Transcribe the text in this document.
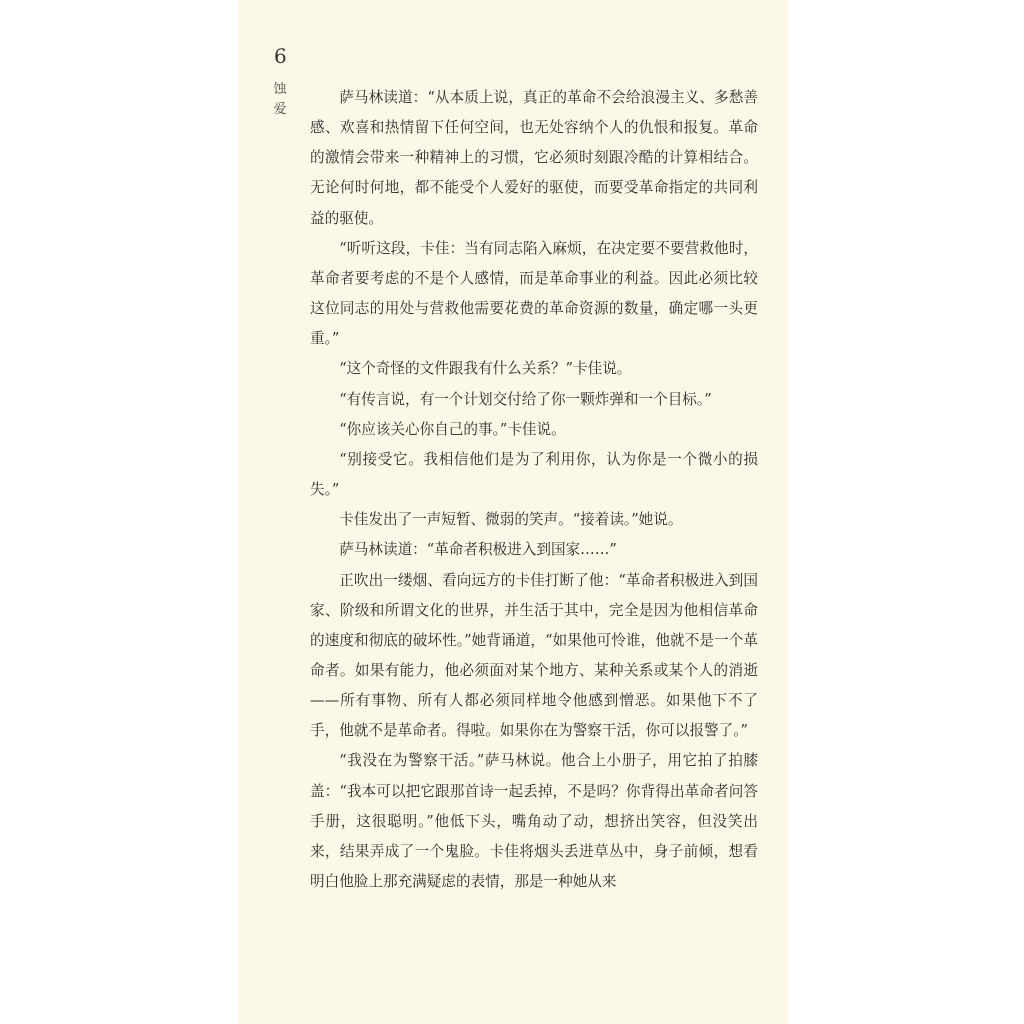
6
蚀爱

萨马林读道：“从本质上说，真正的革命不会给浪漫主义、多愁善感、欢喜和热情留下任何空间，也无处容纳个人的仇恨和报复。革命的激情会带来一种精神上的习惯，它必须时刻跟冷酷的计算相结合。无论何时何地，都不能受个人爱好的驱使，而要受革命指定的共同利益的驱使。

“听听这段，卡佳：当有同志陷入麻烦，在决定要不要营救他时，革命者要考虑的不是个人感情，而是革命事业的利益。因此必须比较这位同志的用处与营救他需要花费的革命资源的数量，确定哪一头更重。”

“这个奇怪的文件跟我有什么关系？”卡佳说。

“有传言说，有一个计划交付给了你一颗炸弹和一个目标。”

“你应该关心你自己的事。”卡佳说。

“别接受它。我相信他们是为了利用你，认为你是一个微小的损失。”

卡佳发出了一声短暂、微弱的笑声。“接着读。”她说。

萨马林读道：“革命者积极进入到国家……”

正吹出一缕烟、看向远方的卡佳打断了他：“革命者积极进入到国家、阶级和所谓文化的世界，并生活于其中，完全是因为他相信革命的速度和彻底的破坏性。”她背诵道，“如果他可怜谁，他就不是一个革命者。如果有能力，他必须面对某个地方、某种关系或某个人的消逝——所有事物、所有人都必须同样地令他感到憎恶。如果他下不了手，他就不是革命者。得啦。如果你在为警察干活，你可以报警了。”

“我没在为警察干活。”萨马林说。他合上小册子，用它拍了拍膝盖：“我本可以把它跟那首诗一起丢掉，不是吗？你背得出革命者问答手册，这很聪明。”他低下头，嘴角动了动，想挤出笑容，但没笑出来，结果弄成了一个鬼脸。卡佳将烟头丢进草丛中，身子前倾，想看明白他脸上那充满疑虑的表情，那是一种她从来
